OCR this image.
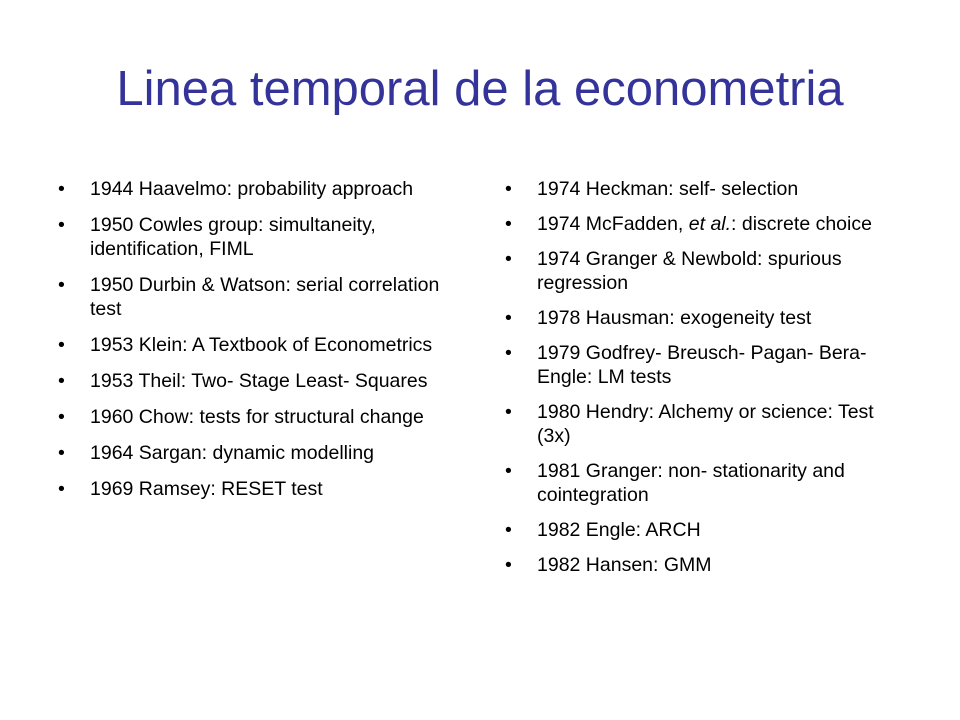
Linea temporal de la econometria
•	1944 Haavelmo: probability approach
•	1950 Cowles group: simultaneity, identification, FIML
•	1950 Durbin & Watson: serial correlation test
•	1953 Klein: A Textbook of Econometrics
•	1953 Theil: Two- Stage Least- Squares
•	1960 Chow: tests for structural change
•	1964 Sargan: dynamic modelling
•	1969 Ramsey: RESET test
•	1974 Heckman: self- selection
•	1974 McFadden, et al.: discrete choice
•	1974 Granger & Newbold: spurious regression
•	1978 Hausman: exogeneity test
•	1979 Godfrey- Breusch- Pagan- Bera- Engle: LM tests
•	1980 Hendry: Alchemy or science: Test (3x)
•	1981 Granger: non- stationarity and cointegration
•	1982 Engle: ARCH
•	1982 Hansen: GMM
